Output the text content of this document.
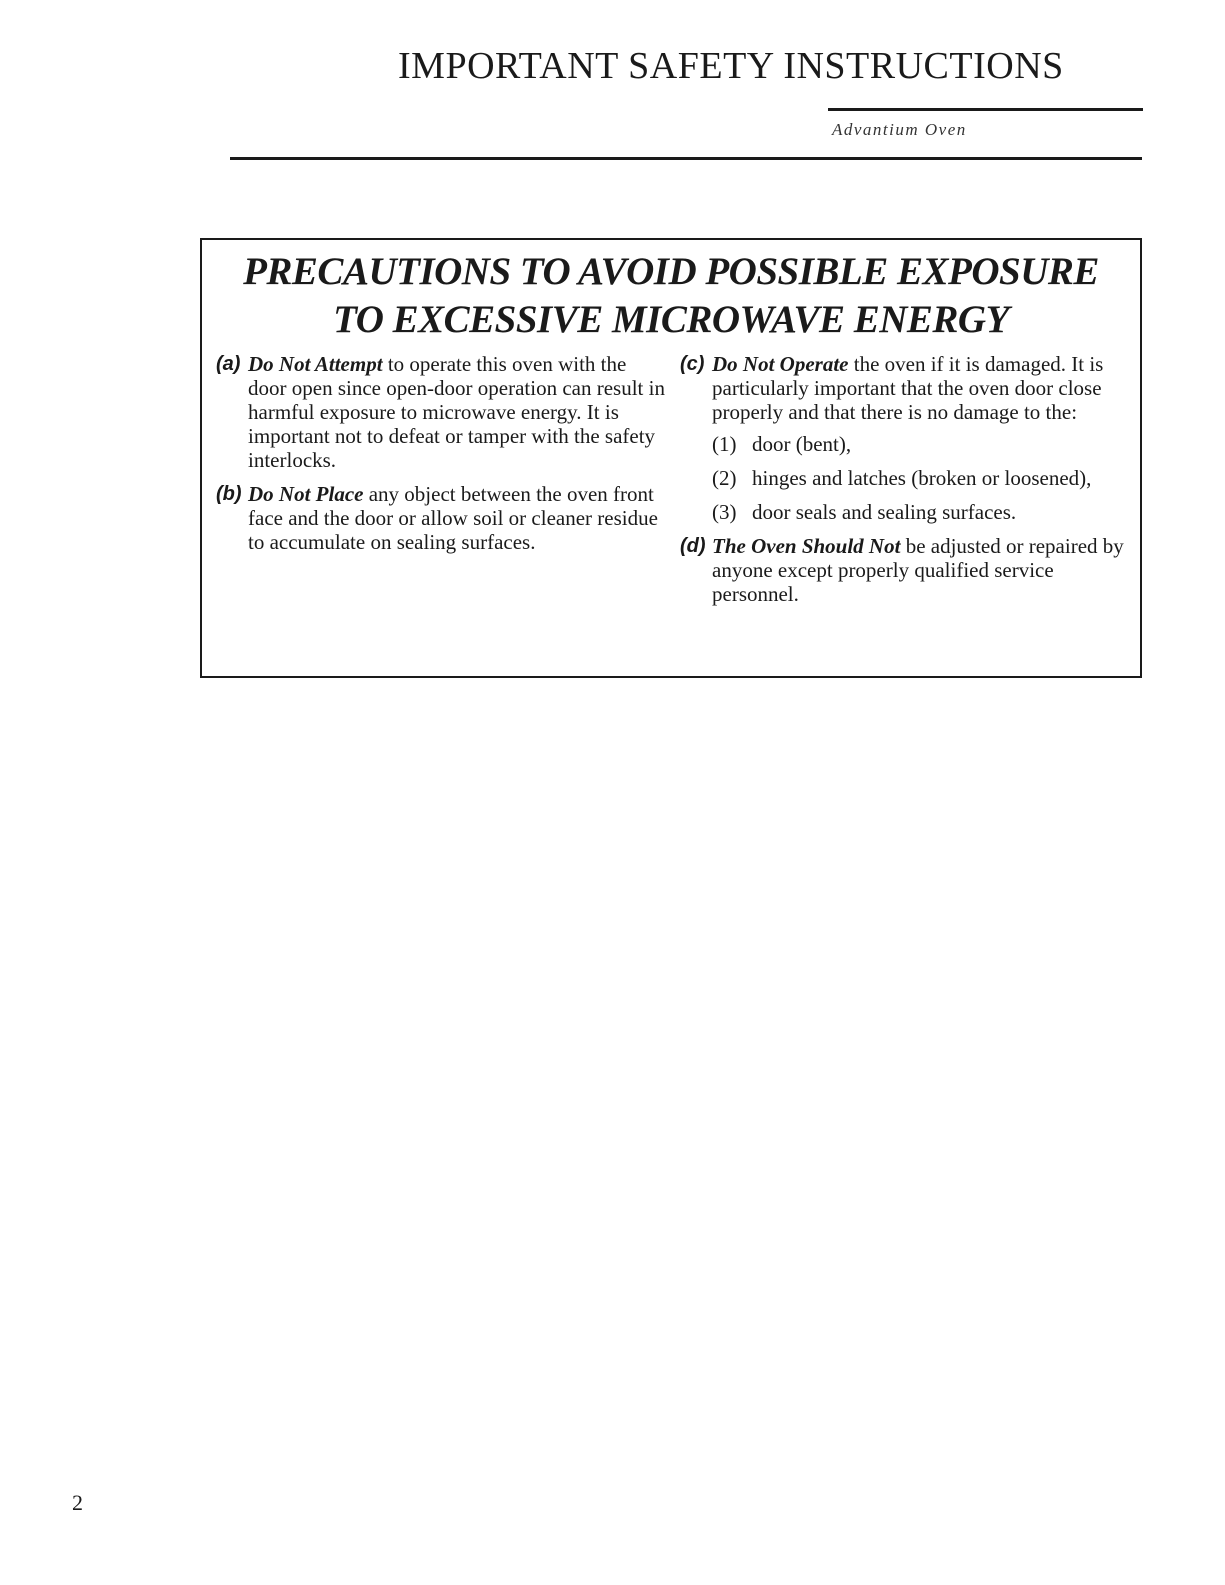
IMPORTANT SAFETY INSTRUCTIONS
Advantium Oven
PRECAUTIONS TO AVOID POSSIBLE EXPOSURE
TO EXCESSIVE MICROWAVE ENERGY
(a) Do Not Attempt to operate this oven with the door open since open-door operation can result in harmful exposure to microwave energy. It is important not to defeat or tamper with the safety interlocks.
(b) Do Not Place any object between the oven front face and the door or allow soil or cleaner residue to accumulate on sealing surfaces.
(c) Do Not Operate the oven if it is damaged. It is particularly important that the oven door close properly and that there is no damage to the:
(1) door (bent),
(2) hinges and latches (broken or loosened),
(3) door seals and sealing surfaces.
(d) The Oven Should Not be adjusted or repaired by anyone except properly qualified service personnel.
2
